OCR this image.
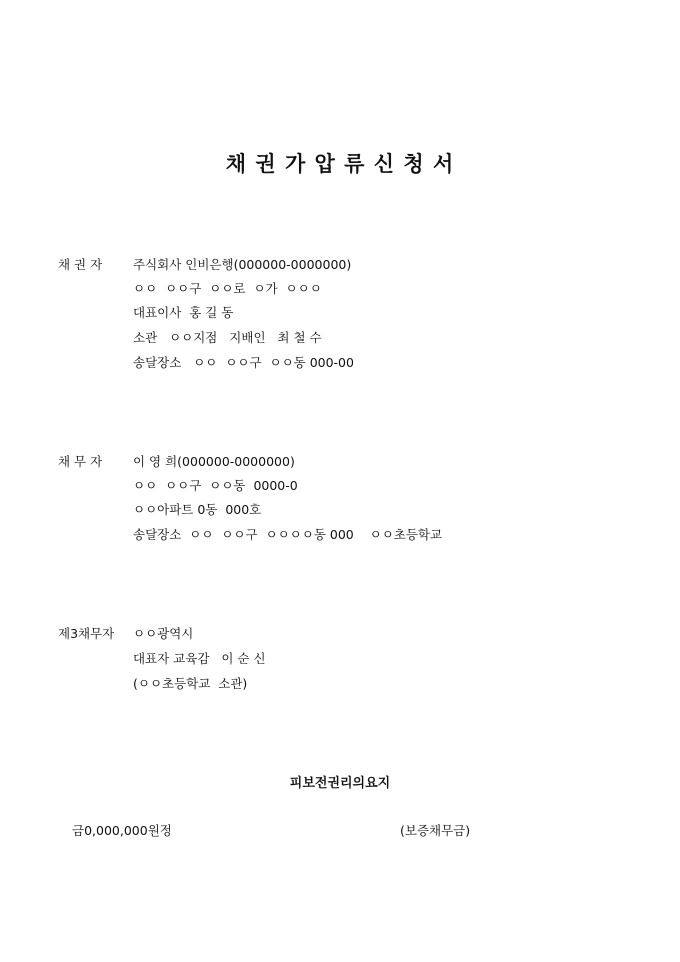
채 권 가 압 류 신 청 서
채 권 자 주식회사 인비은행(000000-0000000)
ㅇㅇ  ㅇㅇ구  ㅇㅇ로  ㅇ가  ㅇㅇㅇ
대표이사  홍 길 동
소관   ㅇㅇ지점   지배인   최 철 수
송달장소   ㅇㅇ  ㅇㅇ구  ㅇㅇ동 000-00
채 무 자 이 영 희(000000-0000000)
ㅇㅇ  ㅇㅇ구  ㅇㅇ동  0000-0
ㅇㅇ아파트 0동  000호
송달장소  ㅇㅇ  ㅇㅇ구  ㅇㅇㅇㅇ동 000    ㅇㅇ초등학교
제3채무자 ㅇㅇ광역시
대표자 교육감   이 순 신
(ㅇㅇ초등학교  소관)
피보전권리의요지
금0,000,000원정	(보증채무금)
